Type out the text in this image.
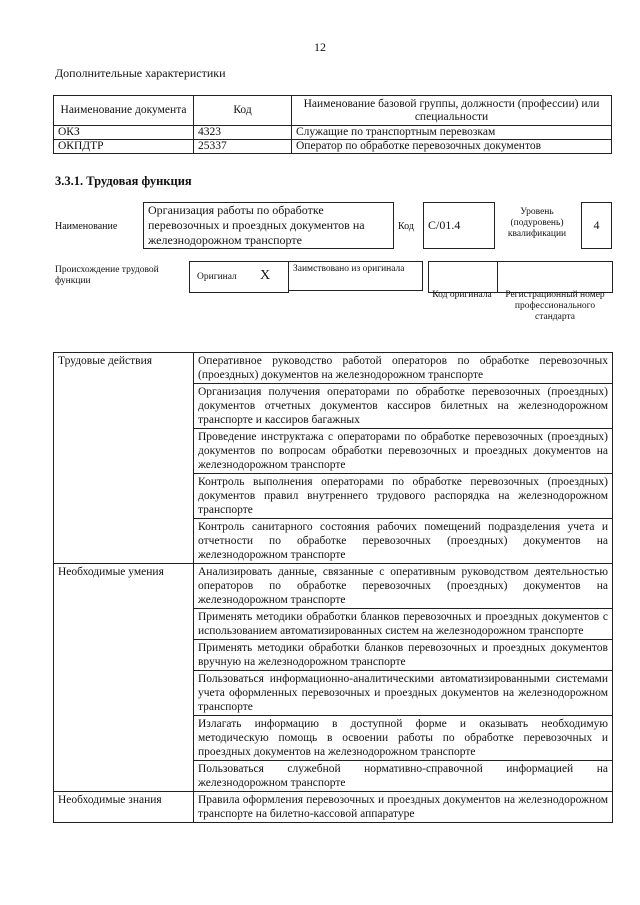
12
Дополнительные характеристики
Наименование документа	Код	Наименование базовой группы, должности (профессии) или специальности
ОКЗ	4323	Служащие по транспортным перевозкам
ОКПДТР	25337	Оператор по обработке перевозочных документов
3.3.1. Трудовая функция
Наименование
Организация работы по обработке перевозочных и проездных документов на железнодорожном транспорте
Код	С/01.4
Уровень (подуровень) квалификации
4
Происхождение трудовой функции	Оригинал Х	Заимствовано из оригинала
Код оригинала	Регистрационный номер профессионального стандарта
Трудовые действия	Оперативное руководство работой операторов по обработке перевозочных (проездных) документов на железнодорожном транспорте
	Организация получения операторами по обработке перевозочных (проездных) документов отчетных документов кассиров билетных на железнодорожном транспорте и кассиров багажных
	Проведение инструктажа с операторами по обработке перевозочных (проездных) документов по вопросам обработки перевозочных и проездных документов на железнодорожном транспорте
	Контроль выполнения операторами по обработке перевозочных (проездных) документов правил внутреннего трудового распорядка на железнодорожном транспорте
	Контроль санитарного состояния рабочих помещений подразделения учета и отчетности по обработке перевозочных (проездных) документов на железнодорожном транспорте
Необходимые умения	Анализировать данные, связанные с оперативным руководством деятельностью операторов по обработке перевозочных (проездных) документов на железнодорожном транспорте
	Применять методики обработки бланков перевозочных и проездных документов с использованием автоматизированных систем на железнодорожном транспорте
	Применять методики обработки бланков перевозочных и проездных документов вручную на железнодорожном транспорте
	Пользоваться информационно-аналитическими автоматизированными системами учета оформленных перевозочных и проездных документов на железнодорожном транспорте
	Излагать информацию в доступной форме и оказывать необходимую методическую помощь в освоении работы по обработке перевозочных и проездных документов на железнодорожном транспорте
	Пользоваться служебной нормативно-справочной информацией на железнодорожном транспорте
Необходимые знания	Правила оформления перевозочных и проездных документов на железнодорожном транспорте на билетно-кассовой аппаратуре
